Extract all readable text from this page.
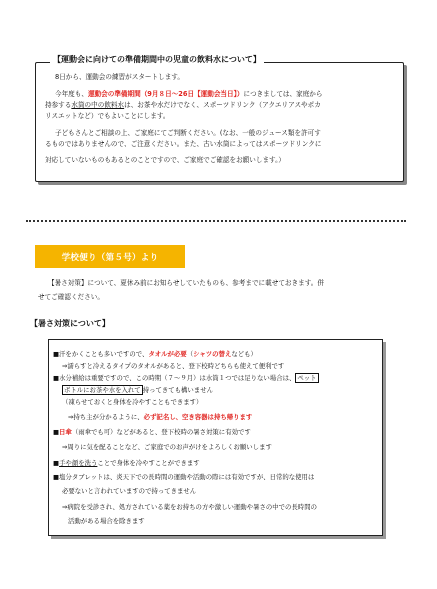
【運動会に向けての準備期間中の児童の飲料水について】
8日から、運動会の練習がスタートします。
今年度も、運動会の準備期間（9月８日～26日【運動会当日】）につきましては、家庭から
持参する水筒の中の飲料水は、お茶や水だけでなく、スポーツドリンク（アクエリアスやポカ
リスエットなど）でもよいことにします。
子どもさんとご相談の上、ご家庭にてご判断ください。(なお、一般のジュース類を許可す
るものではありませんので、ご注意ください。また、古い水筒によってはスポーツドリンクに
対応していないものもあるとのことですので、ご家庭でご確認をお願いします。）
学校便り（第５号）より
【暑さ対策】について、夏休み前にお知らせしていたものも、参考までに載せておきます。併
せてご確認ください。
【暑さ対策について】
■汗をかくことも多いですので、タオルが必要（シャツの替えなども）
⇒濡らすと冷えるタイプのタオルがあると、登下校時どちらも使えて便利です
■水分補給は重要ですので、この時期（７～９月）は水筒１つでは足りない場合は、 ペット
ボトルにお茶や水を入れて 持ってきても構いません
（凍らせておくと身体を冷やすこともできます）
⇒持ち主が分かるように、必ず記名し、空き容器は持ち帰ります
■日傘（雨傘でも可）などがあると、登下校時の暑さ対策に有効です
⇒周りに気を配ることなど、ご家庭でのお声がけをよろしくお願いします
■手や顔を洗うことで身体を冷やすことができます
■塩分タブレットは、炎天下での長時間の運動や活動の際には有効ですが、日常的な使用は
必要ないと言われていますので持ってきません
⇒病院を受診され、処方されている薬をお持ちの方や激しい運動や暑さの中での長時間の
活動がある場合を除きます
